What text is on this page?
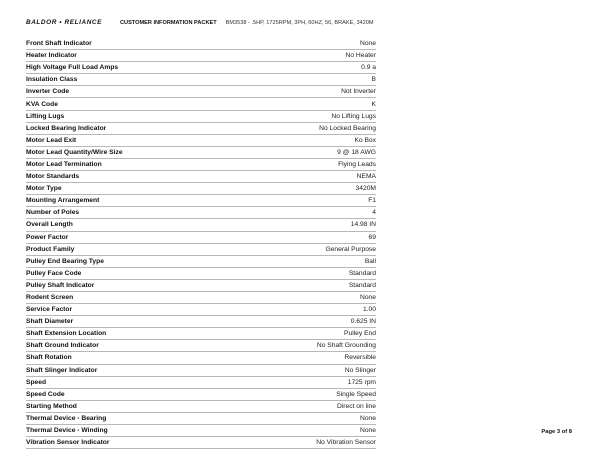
BALDOR • RELIANCE	CUSTOMER INFORMATION PACKET BM3538 - .5HP, 1725RPM, 3PH, 60HZ, 56, BRAKE, 3420M
Front Shaft Indicator	None
Heater Indicator	No Heater
High Voltage Full Load Amps	0.9 a
Insulation Class	B
Inverter Code	Not Inverter
KVA Code	K
Lifting Lugs	No Lifting Lugs
Locked Bearing Indicator	No Locked Bearing
Motor Lead Exit	Ko Box
Motor Lead Quantity/Wire Size	9 @ 18 AWG
Motor Lead Termination	Flying Leads
Motor Standards	NEMA
Motor Type	3420M
Mounting Arrangement	F1
Number of Poles	4
Overall Length	14.98 IN
Power Factor	69
Product Family	General Purpose
Pulley End Bearing Type	Ball
Pulley Face Code	Standard
Pulley Shaft Indicator	Standard
Rodent Screen	None
Service Factor	1.00
Shaft Diameter	0.625 IN
Shaft Extension Location	Pulley End
Shaft Ground Indicator	No Shaft Grounding
Shaft Rotation	Reversible
Shaft Slinger Indicator	No Slinger
Speed	1725 rpm
Speed Code	Single Speed
Starting Method	Direct on line
Thermal Device - Bearing	None
Thermal Device - Winding	None
Vibration Sensor Indicator	No Vibration Sensor
Page 3 of 8
